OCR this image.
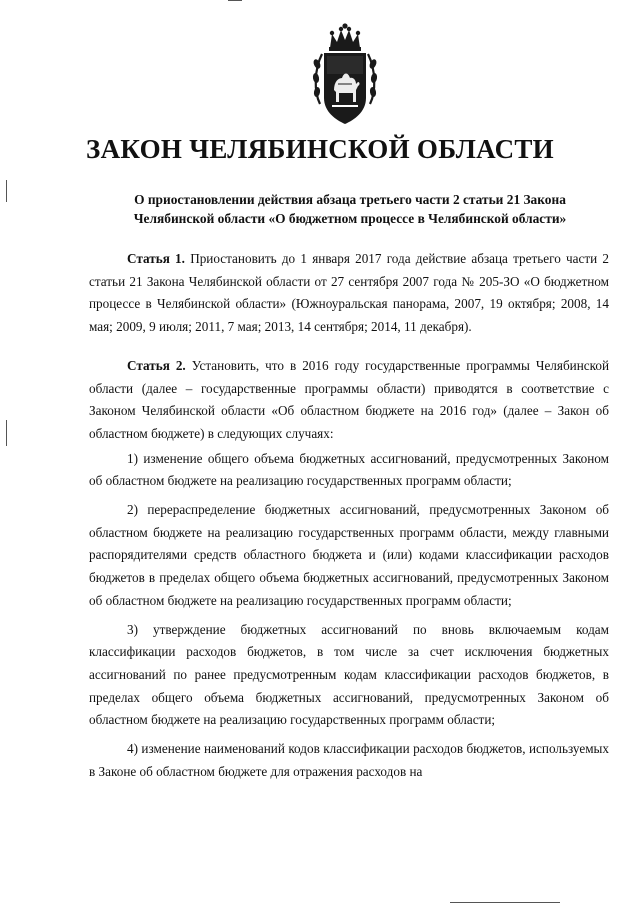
ЗАКОН ЧЕЛЯБИНСКОЙ ОБЛАСТИ
О приостановлении действия абзаца третьего части 2 статьи 21 Закона
Челябинской области «О бюджетном процессе в Челябинской области»

Статья 1. Приостановить до 1 января 2017 года действие абзаца третьего части 2 статьи 21 Закона Челябинской области от 27 сентября 2007 года № 205-ЗО «О бюджетном процессе в Челябинской области» (Южноуральская панорама, 2007, 19 октября; 2008, 14 мая; 2009, 9 июля; 2011, 7 мая; 2013, 14 сентября; 2014, 11 декабря).

Статья 2. Установить, что в 2016 году государственные программы Челябинской области (далее – государственные программы области) приводятся в соответствие с Законом Челябинской области «Об областном бюджете на 2016 год» (далее – Закон об областном бюджете) в следующих случаях:

1) изменение общего объема бюджетных ассигнований, предусмотренных Законом об областном бюджете на реализацию государственных программ области;

2) перераспределение бюджетных ассигнований, предусмотренных Законом об областном бюджете на реализацию государственных программ области, между главными распорядителями средств областного бюджета и (или) кодами классификации расходов бюджетов в пределах общего объема бюджетных ассигнований, предусмотренных Законом об областном бюджете на реализацию государственных программ области;

3) утверждение бюджетных ассигнований по вновь включаемым кодам классификации расходов бюджетов, в том числе за счет исключения бюджетных ассигнований по ранее предусмотренным кодам классификации расходов бюджетов, в пределах общего объема бюджетных ассигнований, предусмотренных Законом об областном бюджете на реализацию государственных программ области;

4) изменение наименований кодов классификации расходов бюджетов, используемых в Законе об областном бюджете для отражения расходов на
